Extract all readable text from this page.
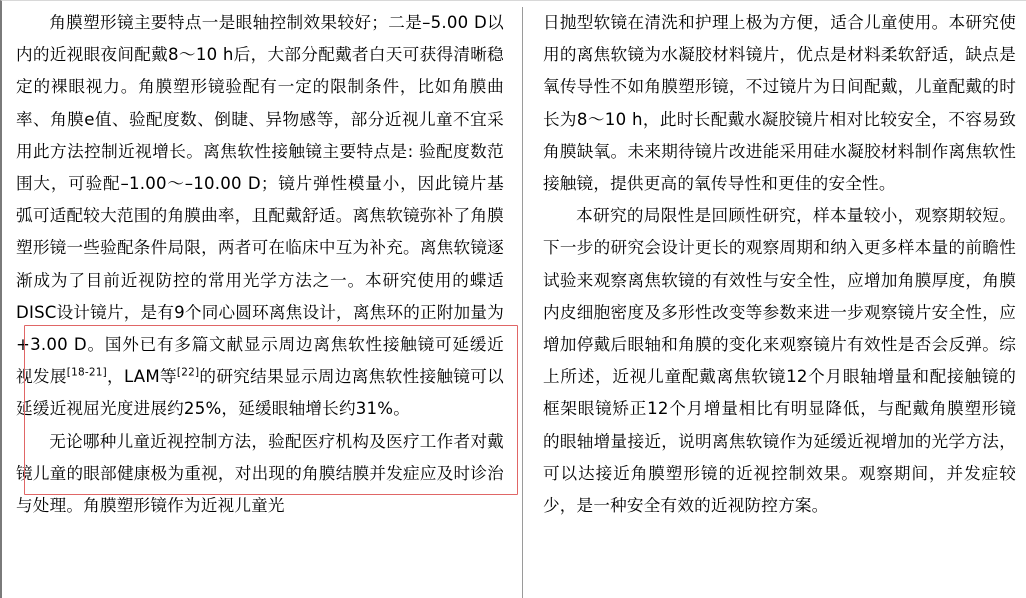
角膜塑形镜主要特点一是眼轴控制效果较好；二是–5.00 D以内的近视眼夜间配戴8～10 h后，大部分配戴者白天可获得清晰稳定的裸眼视力。角膜塑形镜验配有一定的限制条件，比如角膜曲率、角膜e值、验配度数、倒睫、异物感等，部分近视儿童不宜采用此方法控制近视增长。离焦软性接触镜主要特点是: 验配度数范围大，可验配–1.00～–10.00 D；镜片弹性模量小，因此镜片基弧可适配较大范围的角膜曲率，且配戴舒适。离焦软镜弥补了角膜塑形镜一些验配条件局限，两者可在临床中互为补充。离焦软镜逐渐成为了目前近视防控的常用光学方法之一。本研究使用的蝶适DISC设计镜片，是有9个同心圆环离焦设计，离焦环的正附加量为+3.00 D。国外已有多篇文献显示周边离焦软性接触镜可延缓近视发展[18-21]，LAM等[22]的研究结果显示周边离焦软性接触镜可以延缓近视屈光度进展约25%，延缓眼轴增长约31%。

无论哪种儿童近视控制方法，验配医疗机构及医疗工作者对戴镜儿童的眼部健康极为重视，对出现的角膜结膜并发症应及时诊治与处理。角膜塑形镜作为近视儿童光

日抛型软镜在清洗和护理上极为方便，适合儿童使用。本研究使用的离焦软镜为水凝胶材料镜片，优点是材料柔软舒适，缺点是氧传导性不如角膜塑形镜，不过镜片为日间配戴，儿童配戴的时长为8～10 h，此时长配戴水凝胶镜片相对比较安全，不容易致角膜缺氧。未来期待镜片改进能采用硅水凝胶材料制作离焦软性接触镜，提供更高的氧传导性和更佳的安全性。

本研究的局限性是回顾性研究，样本量较小，观察期较短。下一步的研究会设计更长的观察周期和纳入更多样本量的前瞻性试验来观察离焦软镜的有效性与安全性，应增加角膜厚度，角膜内皮细胞密度及多形性改变等参数来进一步观察镜片安全性，应增加停戴后眼轴和角膜的变化来观察镜片有效性是否会反弹。综上所述，近视儿童配戴离焦软镜12个月眼轴增量和配接触镜的框架眼镜矫正12个月增量相比有明显降低，与配戴角膜塑形镜的眼轴增量接近，说明离焦软镜作为延缓近视增加的光学方法，可以达接近角膜塑形镜的近视控制效果。观察期间，并发症较少，是一种安全有效的近视防控方案。
